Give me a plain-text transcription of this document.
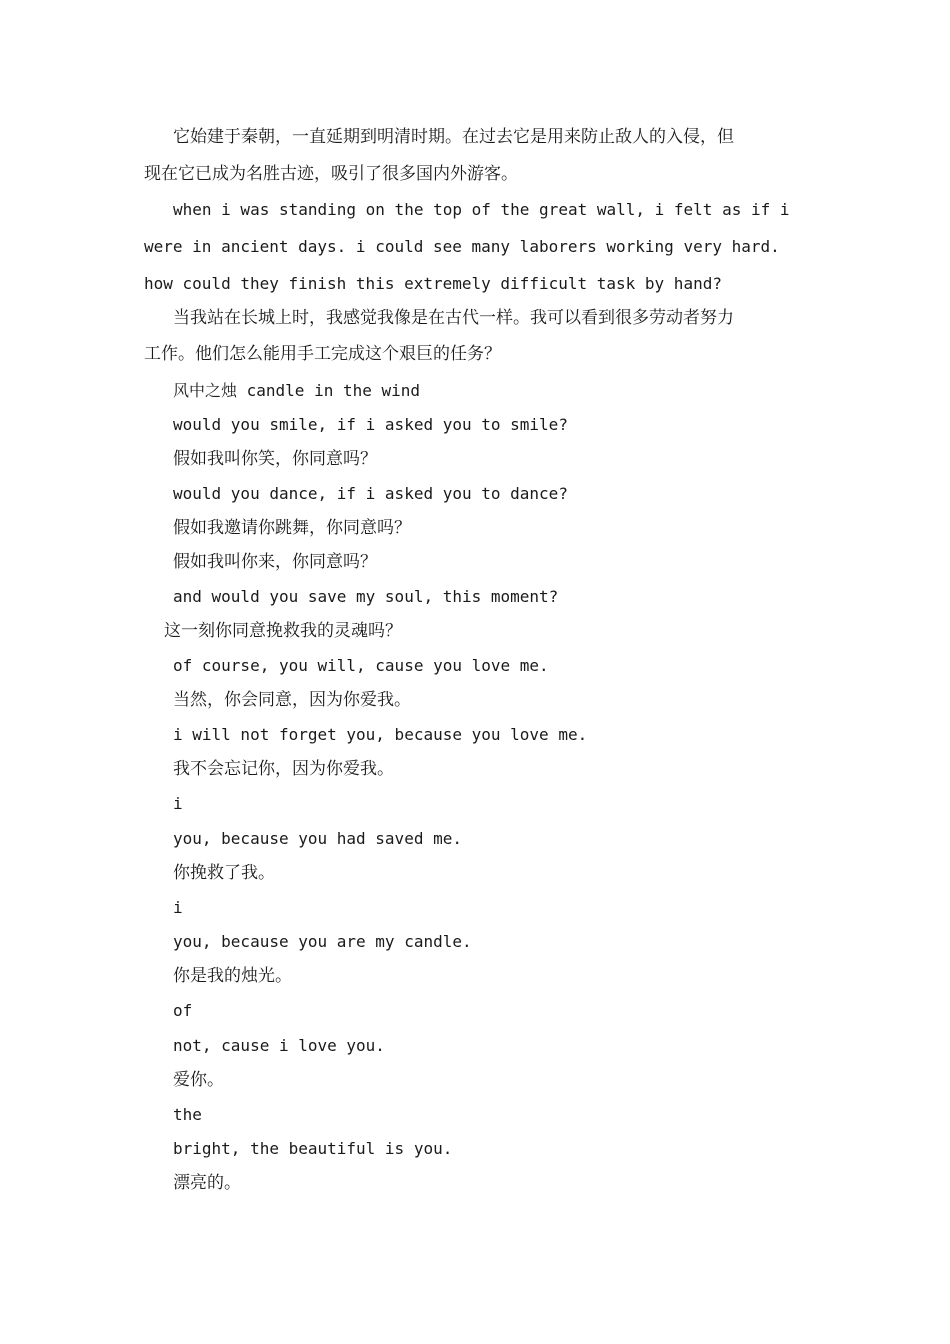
它始建于秦朝，一直延期到明清时期。在过去它是用来防止敌人的入侵，但
现在它已成为名胜古迹，吸引了很多国内外游客。
when i was standing on the top of the great wall, i felt as if i
were in ancient days. i could see many laborers working very hard.
how could they finish this extremely difficult task by hand?
当我站在长城上时，我感觉我像是在古代一样。我可以看到很多劳动者努力
工作。他们怎么能用手工完成这个艰巨的任务？
风中之烛 candle in the wind
would you smile, if i asked you to smile?
假如我叫你笑，你同意吗？
would you dance, if i asked you to dance?
假如我邀请你跳舞，你同意吗？
假如我叫你来，你同意吗？
and would you save my soul, this moment?
这一刻你同意挽救我的灵魂吗？
of course, you will, cause you love me.
当然，你会同意，因为你爱我。
i will not forget you, because you love me.
我不会忘记你，因为你爱我。
i
you, because you had saved me.
你挽救了我。
i
you, because you are my candle.
你是我的烛光。
of
not, cause i love you.
爱你。
the
bright, the beautiful is you.
漂亮的。
